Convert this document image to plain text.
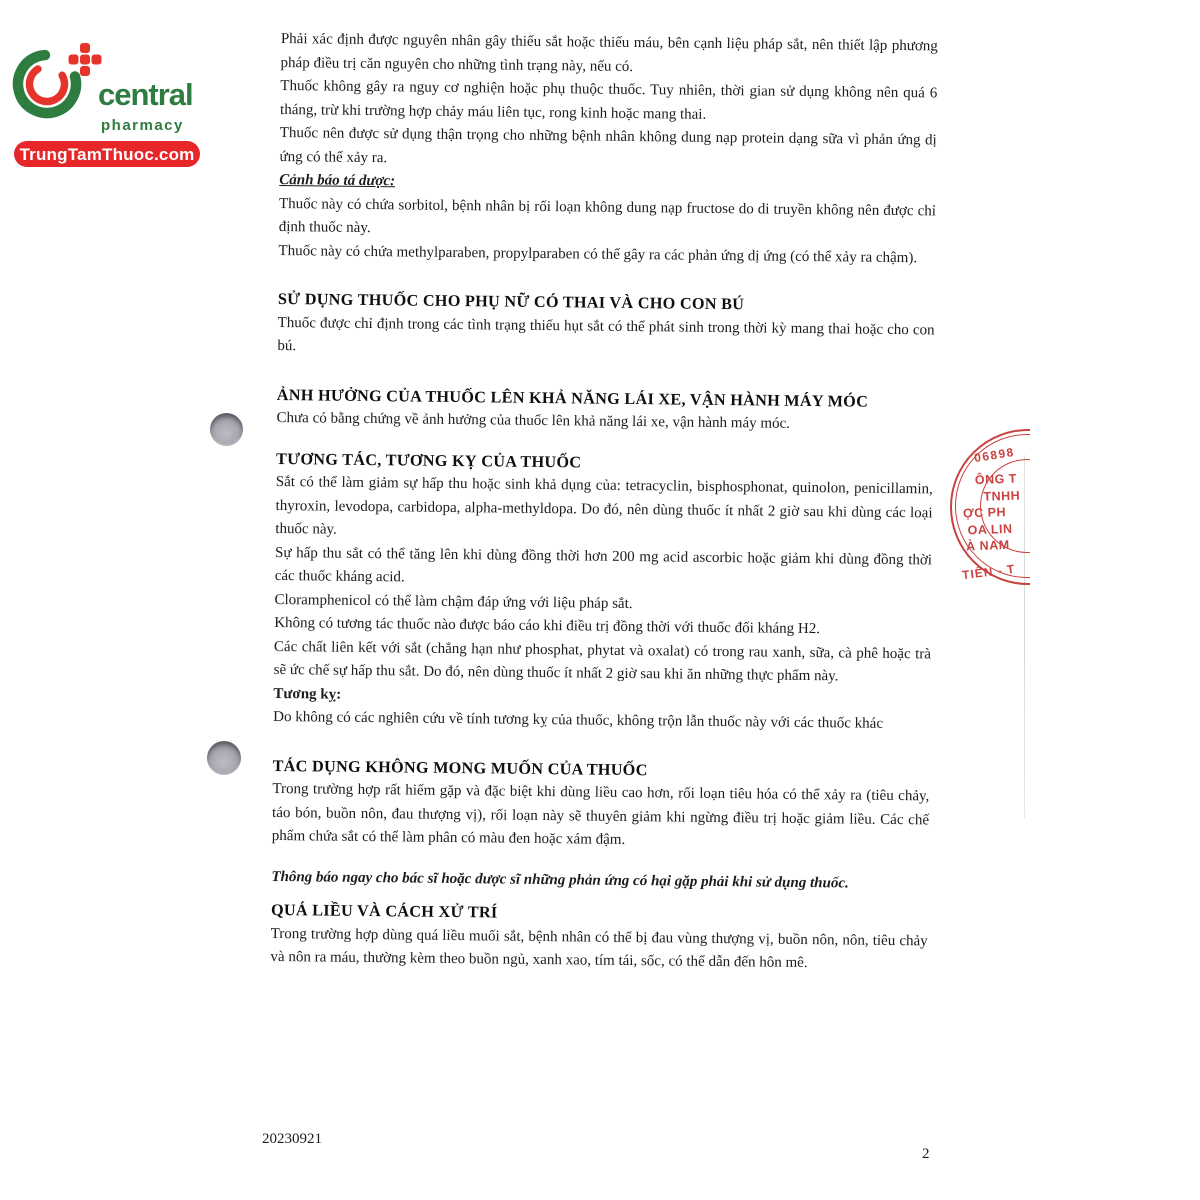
central
pharmacy
TrungTamThuoc.com

Phải xác định được nguyên nhân gây thiếu sắt hoặc thiếu máu, bên cạnh liệu pháp sắt, nên thiết lập phương pháp điều trị căn nguyên cho những tình trạng này, nếu có.

Thuốc không gây ra nguy cơ nghiện hoặc phụ thuộc thuốc. Tuy nhiên, thời gian sử dụng không nên quá 6 tháng, trừ khi trường hợp chảy máu liên tục, rong kinh hoặc mang thai.

Thuốc nên được sử dụng thận trọng cho những bệnh nhân không dung nạp protein dạng sữa vì phản ứng dị ứng có thể xảy ra.

Cảnh báo tá dược:

Thuốc này có chứa sorbitol, bệnh nhân bị rối loạn không dung nạp fructose do di truyền không nên được chỉ định thuốc này.

Thuốc này có chứa methylparaben, propylparaben có thể gây ra các phản ứng dị ứng (có thể xảy ra chậm).

SỬ DỤNG THUỐC CHO PHỤ NỮ CÓ THAI VÀ CHO CON BÚ

Thuốc được chỉ định trong các tình trạng thiếu hụt sắt có thể phát sinh trong thời kỳ mang thai hoặc cho con bú.

ẢNH HƯỞNG CỦA THUỐC LÊN KHẢ NĂNG LÁI XE, VẬN HÀNH MÁY MÓC

Chưa có bằng chứng về ảnh hưởng của thuốc lên khả năng lái xe, vận hành máy móc.

TƯƠNG TÁC, TƯƠNG KỴ CỦA THUỐC

Sắt có thể làm giảm sự hấp thu hoặc sinh khả dụng của: tetracyclin, bisphosphonat, quinolon, penicillamin, thyroxin, levodopa, carbidopa, alpha-methyldopa. Do đó, nên dùng thuốc ít nhất 2 giờ sau khi dùng các loại thuốc này.

Sự hấp thu sắt có thể tăng lên khi dùng đồng thời hơn 200 mg acid ascorbic hoặc giảm khi dùng đồng thời các thuốc kháng acid.

Cloramphenicol có thể làm chậm đáp ứng với liệu pháp sắt.

Không có tương tác thuốc nào được báo cáo khi điều trị đồng thời với thuốc đối kháng H2.

Các chất liên kết với sắt (chẳng hạn như phosphat, phytat và oxalat) có trong rau xanh, sữa, cà phê hoặc trà sẽ ức chế sự hấp thu sắt. Do đó, nên dùng thuốc ít nhất 2 giờ sau khi ăn những thực phẩm này.

Tương kỵ:

Do không có các nghiên cứu về tính tương kỵ của thuốc, không trộn lẫn thuốc này với các thuốc khác

TÁC DỤNG KHÔNG MONG MUỐN CỦA THUỐC

Trong trường hợp rất hiếm gặp và đặc biệt khi dùng liều cao hơn, rối loạn tiêu hóa có thể xảy ra (tiêu chảy, táo bón, buồn nôn, đau thượng vị), rối loạn này sẽ thuyên giảm khi ngừng điều trị hoặc giảm liều. Các chế phẩm chứa sắt có thể làm phân có màu đen hoặc xám đậm.

Thông báo ngay cho bác sĩ hoặc dược sĩ những phản ứng có hại gặp phải khi sử dụng thuốc.

QUÁ LIỀU VÀ CÁCH XỬ TRÍ

Trong trường hợp dùng quá liều muối sắt, bệnh nhân có thể bị đau vùng thượng vị, buồn nôn, nôn, tiêu chảy và nôn ra máu, thường kèm theo buồn ngủ, xanh xao, tím tái, sốc, có thể dẫn đến hôn mê.

06898

ÔNG T

TNHH

ỢC PH

OA LIN

À NAM

TIÊN - T
20230921
2
